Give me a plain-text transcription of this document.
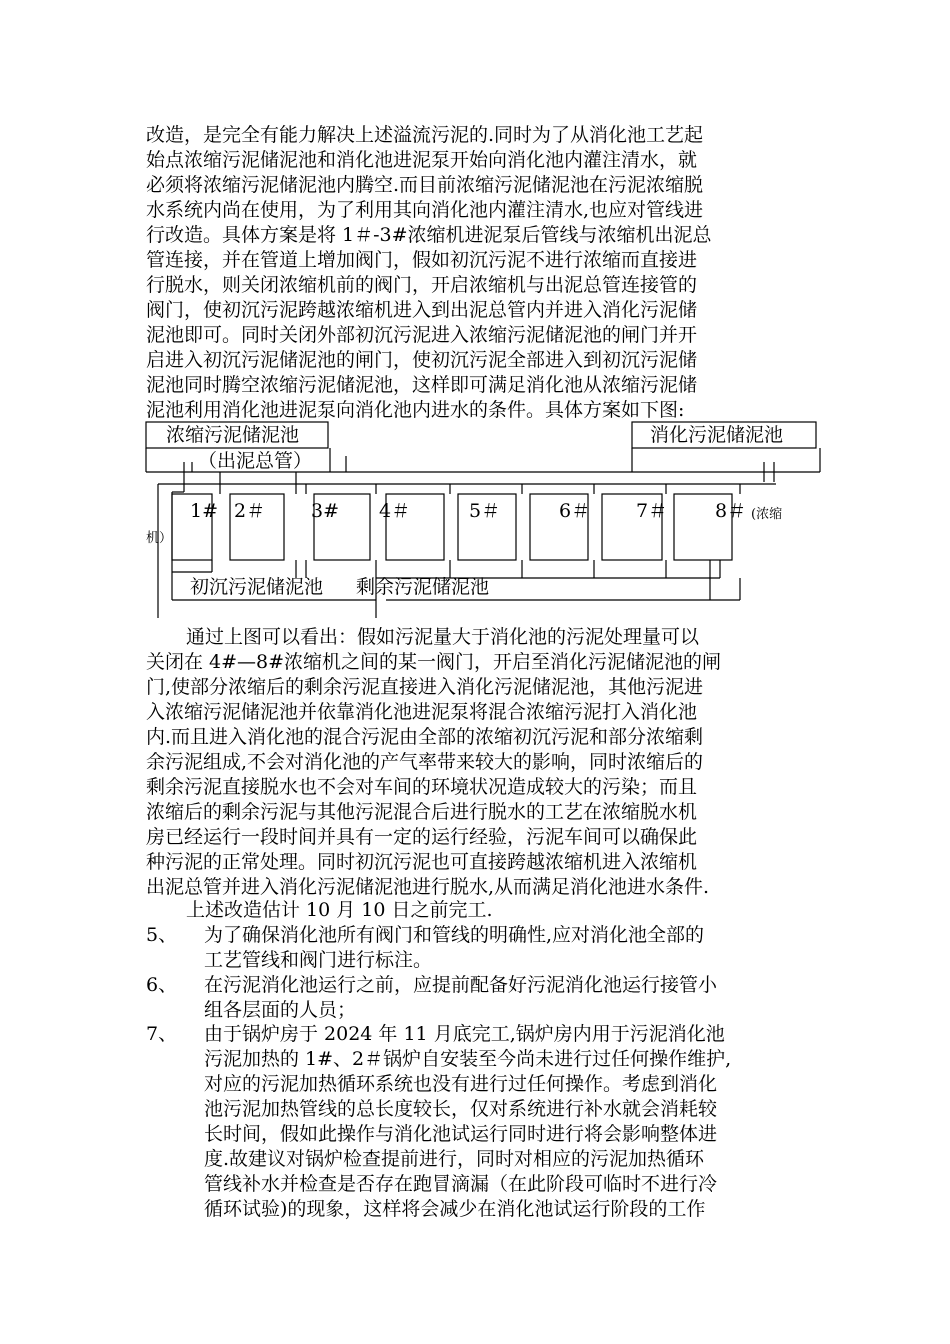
改造，是完全有能力解决上述溢流污泥的.同时为了从消化池工艺起
始点浓缩污泥储泥池和消化池进泥泵开始向消化池内灌注清水，就
必须将浓缩污泥储泥池内腾空.而目前浓缩污泥储泥池在污泥浓缩脱
水系统内尚在使用，为了利用其向消化池内灌注清水,也应对管线进
行改造。具体方案是将 1＃-3#浓缩机进泥泵后管线与浓缩机出泥总
管连接，并在管道上增加阀门，假如初沉污泥不进行浓缩而直接进
行脱水，则关闭浓缩机前的阀门，开启浓缩机与出泥总管连接管的
阀门，使初沉污泥跨越浓缩机进入到出泥总管内并进入消化污泥储
泥池即可。同时关闭外部初沉污泥进入浓缩污泥储泥池的闸门并开
启进入初沉污泥储泥池的闸门，使初沉污泥全部进入到初沉污泥储
泥池同时腾空浓缩污泥储泥池，这样即可满足消化池从浓缩污泥储
泥池利用消化池进泥泵向消化池内进水的条件。具体方案如下图:
浓缩污泥储泥池	消化污泥储泥池
（出泥总管）
1# 2＃ 3# 4＃	5＃	6＃ 7＃	8＃ (浓缩
机）
初沉污泥储泥池 剩余污泥储泥池
通过上图可以看出：假如污泥量大于消化池的污泥处理量可以
关闭在 4#—8#浓缩机之间的某一阀门，开启至消化污泥储泥池的闸
门,使部分浓缩后的剩余污泥直接进入消化污泥储泥池，其他污泥进
入浓缩污泥储泥池并依靠消化池进泥泵将混合浓缩污泥打入消化池
内.而且进入消化池的混合污泥由全部的浓缩初沉污泥和部分浓缩剩
余污泥组成,不会对消化池的产气率带来较大的影响，同时浓缩后的
剩余污泥直接脱水也不会对车间的环境状况造成较大的污染；而且
浓缩后的剩余污泥与其他污泥混合后进行脱水的工艺在浓缩脱水机
房已经运行一段时间并具有一定的运行经验，污泥车间可以确保此
种污泥的正常处理。同时初沉污泥也可直接跨越浓缩机进入浓缩机
出泥总管并进入消化污泥储泥池进行脱水,从而满足消化池进水条件.
上述改造估计 10 月 10 日之前完工.
5、 为了确保消化池所有阀门和管线的明确性,应对消化池全部的
工艺管线和阀门进行标注。
6、 在污泥消化池运行之前，应提前配备好污泥消化池运行接管小
组各层面的人员；
7、 由于锅炉房于 2024 年 11 月底完工,锅炉房内用于污泥消化池
污泥加热的 1#、2＃锅炉自安装至今尚未进行过任何操作维护,
对应的污泥加热循环系统也没有进行过任何操作。考虑到消化
池污泥加热管线的总长度较长，仅对系统进行补水就会消耗较
长时间，假如此操作与消化池试运行同时进行将会影响整体进
度.故建议对锅炉检查提前进行，同时对相应的污泥加热循环
管线补水并检查是否存在跑冒滴漏（在此阶段可临时不进行冷
循环试验)的现象，这样将会减少在消化池试运行阶段的工作
